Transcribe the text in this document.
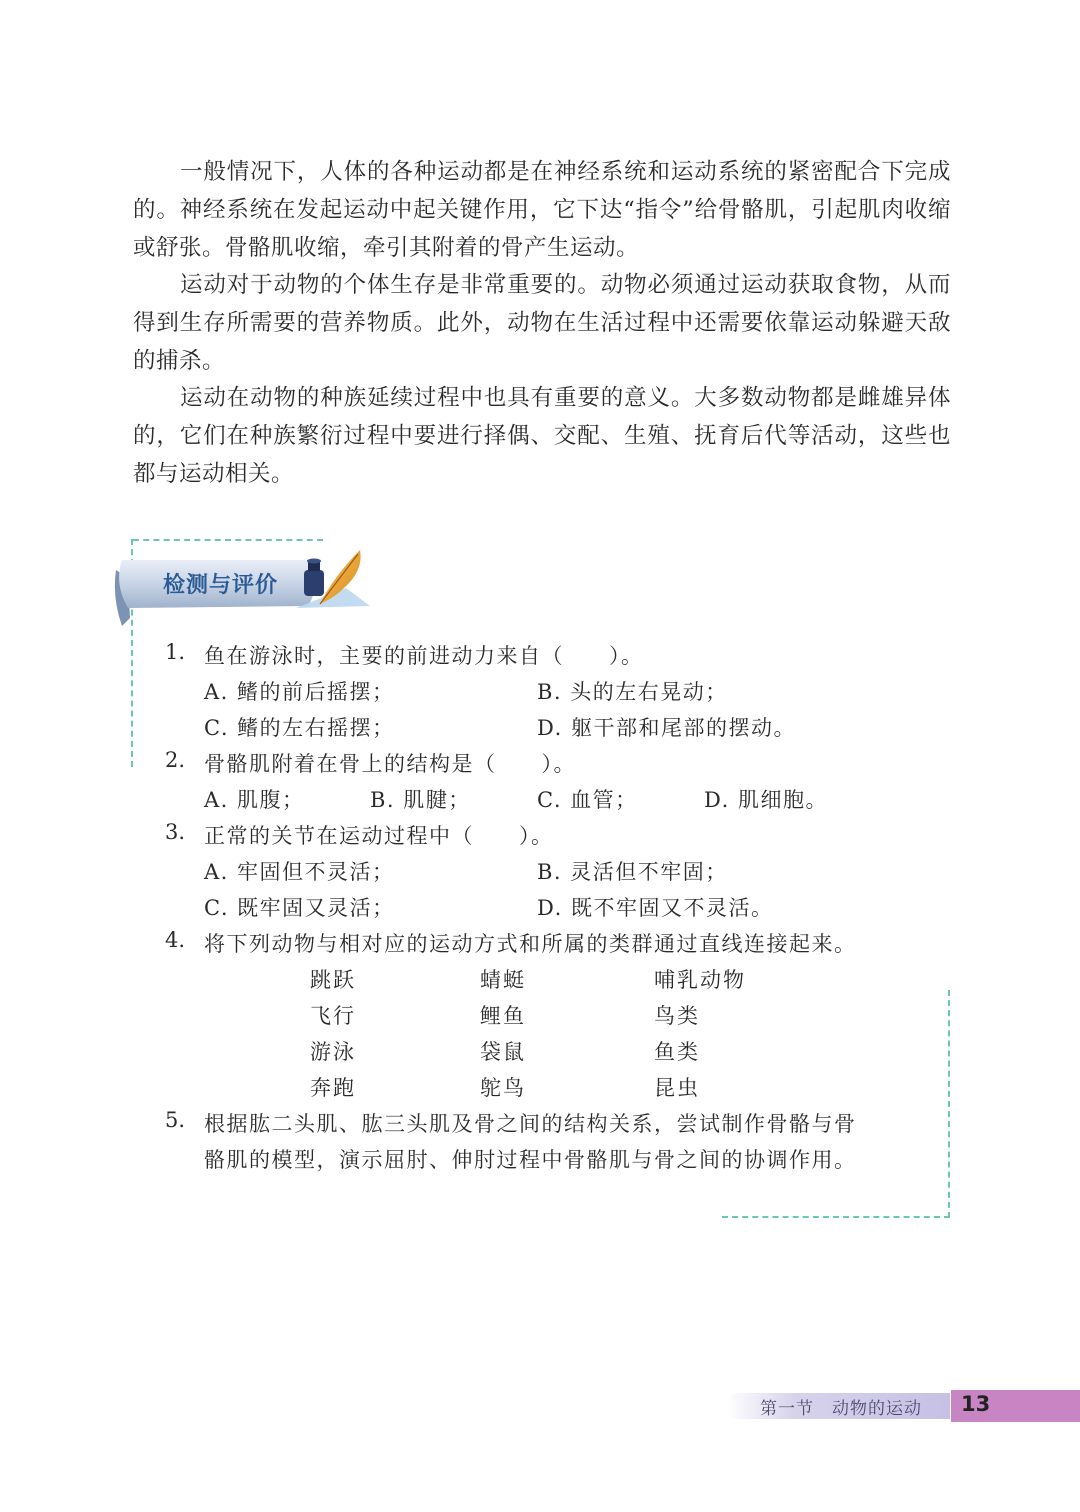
一般情况下，人体的各种运动都是在神经系统和运动系统的紧密配合下完成的。神经系统在发起运动中起关键作用，它下达“指令”给骨骼肌，引起肌肉收缩或舒张。骨骼肌收缩，牵引其附着的骨产生运动。

运动对于动物的个体生存是非常重要的。动物必须通过运动获取食物，从而得到生存所需要的营养物质。此外，动物在生活过程中还需要依靠运动躲避天敌的捕杀。

运动在动物的种族延续过程中也具有重要的意义。大多数动物都是雌雄异体的，它们在种族繁衍过程中要进行择偶、交配、生殖、抚育后代等活动，这些也都与运动相关。

检测与评价
1. 鱼在游泳时，主要的前进动力来自（　　）。
A. 鳍的前后摇摆；	B. 头的左右晃动；
C. 鳍的左右摇摆；	D. 躯干部和尾部的摆动。
2. 骨骼肌附着在骨上的结构是（　　）。
A. 肌腹；	B. 肌腱；	C. 血管；	D. 肌细胞。
3. 正常的关节在运动过程中（　　）。
A. 牢固但不灵活；	B. 灵活但不牢固；
C. 既牢固又灵活；	D. 既不牢固又不灵活。
4. 将下列动物与相对应的运动方式和所属的类群通过直线连接起来。
跳跃	蜻蜓	哺乳动物
飞行	鲤鱼	鸟类
游泳	袋鼠	鱼类
奔跑	鸵鸟	昆虫
5. 根据肱二头肌、肱三头肌及骨之间的结构关系，尝试制作骨骼与骨
骼肌的模型，演示屈肘、伸肘过程中骨骼肌与骨之间的协调作用。
第一节　动物的运动 13
